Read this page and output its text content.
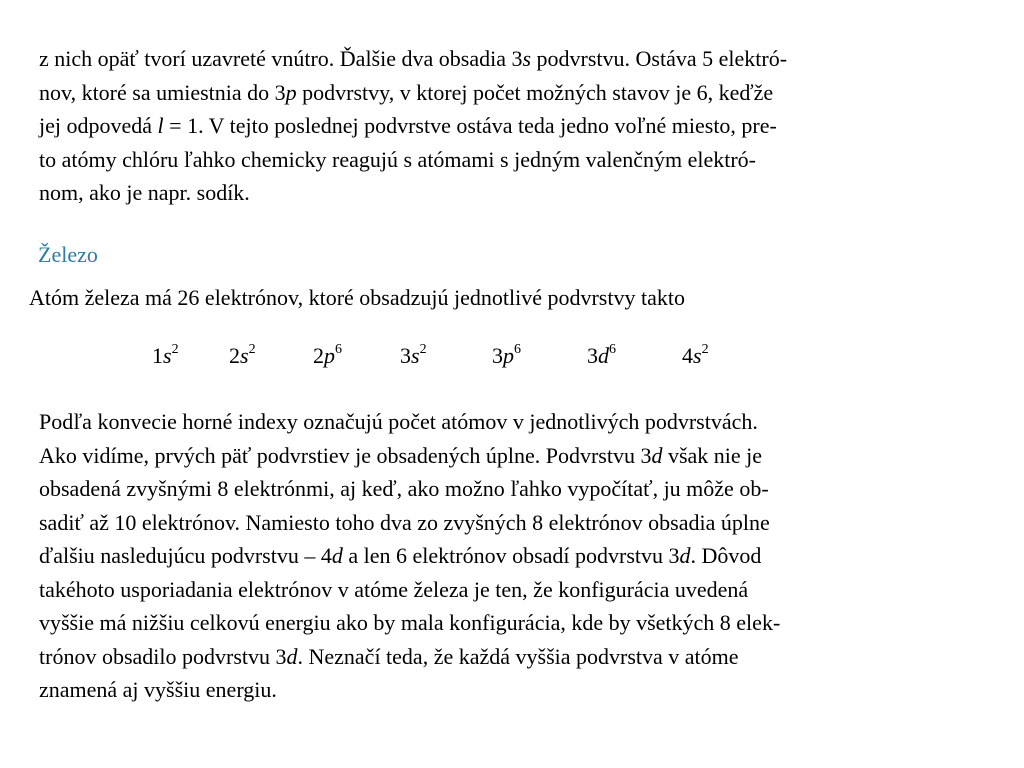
z nich opäť tvorí uzavreté vnútro. Ďalšie dva obsadia 3s podvrstvu. Ostáva 5 elektró-
nov, ktoré sa umiestnia do 3p podvrstvy, v ktorej počet možných stavov je 6, keďže
jej odpovedá l = 1. V tejto poslednej podvrstve ostáva teda jedno voľné miesto, pre-
to atómy chlóru ľahko chemicky reagujú s atómami s jedným valenčným elektró-
nom, ako je napr. sodík.
Železo

Atóm železa má 26 elektrónov, ktoré obsadzujú jednotlivé podvrstvy takto

$1s^2$ $2s^2$	$2p^6$	$3s^2$	$3p^6$	$3d^6$	$4s^2$
Podľa konvecie horné indexy označujú počet atómov v jednotlivých podvrstvách.
Ako vidíme, prvých päť podvrstiev je obsadených úplne. Podvrstvu 3d však nie je
obsadená zvyšnými 8 elektrónmi, aj keď, ako možno ľahko vypočítať, ju môže ob-
sadiť až 10 elektrónov. Namiesto toho dva zo zvyšných 8 elektrónov obsadia úplne
ďalšiu nasledujúcu podvrstvu – 4d a len 6 elektrónov obsadí podvrstvu 3d. Dôvod
takéhoto usporiadania elektrónov v atóme železa je ten, že konfigurácia uvedená
vyššie má nižšiu celkovú energiu ako by mala konfigurácia, kde by všetkých 8 elek-
trónov obsadilo podvrstvu 3d. Neznačí teda, že každá vyššia podvrstva v atóme
znamená aj vyššiu energiu.
